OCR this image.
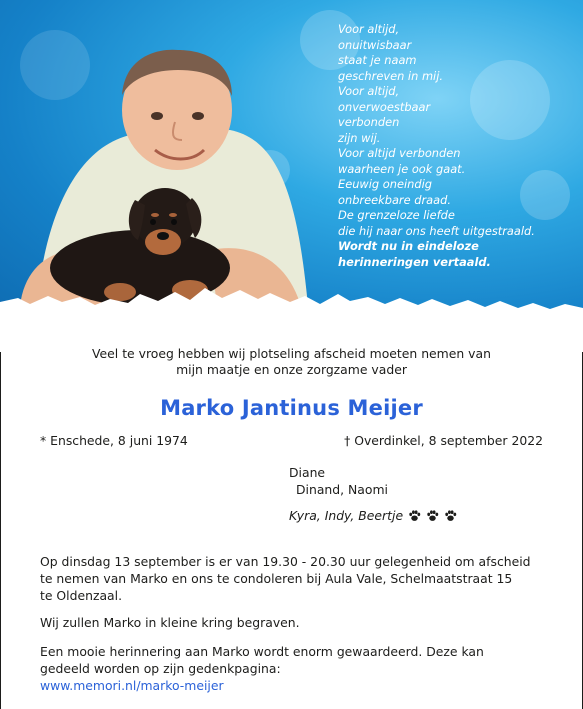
Voor altijd,
onuitwisbaar
staat je naam
geschreven in mij.
Voor altijd,
onverwoestbaar
verbonden
zijn wij.
Voor altijd verbonden
waarheen je ook gaat.
Eeuwig oneindig
onbreekbare draad.
De grenzeloze liefde
die hij naar ons heeft uitgestraald.
Wordt nu in eindeloze
herinneringen vertaald.
Veel te vroeg hebben wij plotseling afscheid moeten nemen van
mijn maatje en onze zorgzame vader
Marko Jantinus Meijer
* Enschede, 8 juni 1974	† Overdinkel, 8 september 2022
Diane
Dinand, Naomi
Kyra, Indy, Beertje
Op dinsdag 13 september is er van 19.30 - 20.30 uur gelegenheid om afscheid
te nemen van Marko en ons te condoleren bij Aula Vale, Schelmaatstraat 15
te Oldenzaal.
Wij zullen Marko in kleine kring begraven.
Een mooie herinnering aan Marko wordt enorm gewaardeerd. Deze kan
gedeeld worden op zijn gedenkpagina:
www.memori.nl/marko-meijer
